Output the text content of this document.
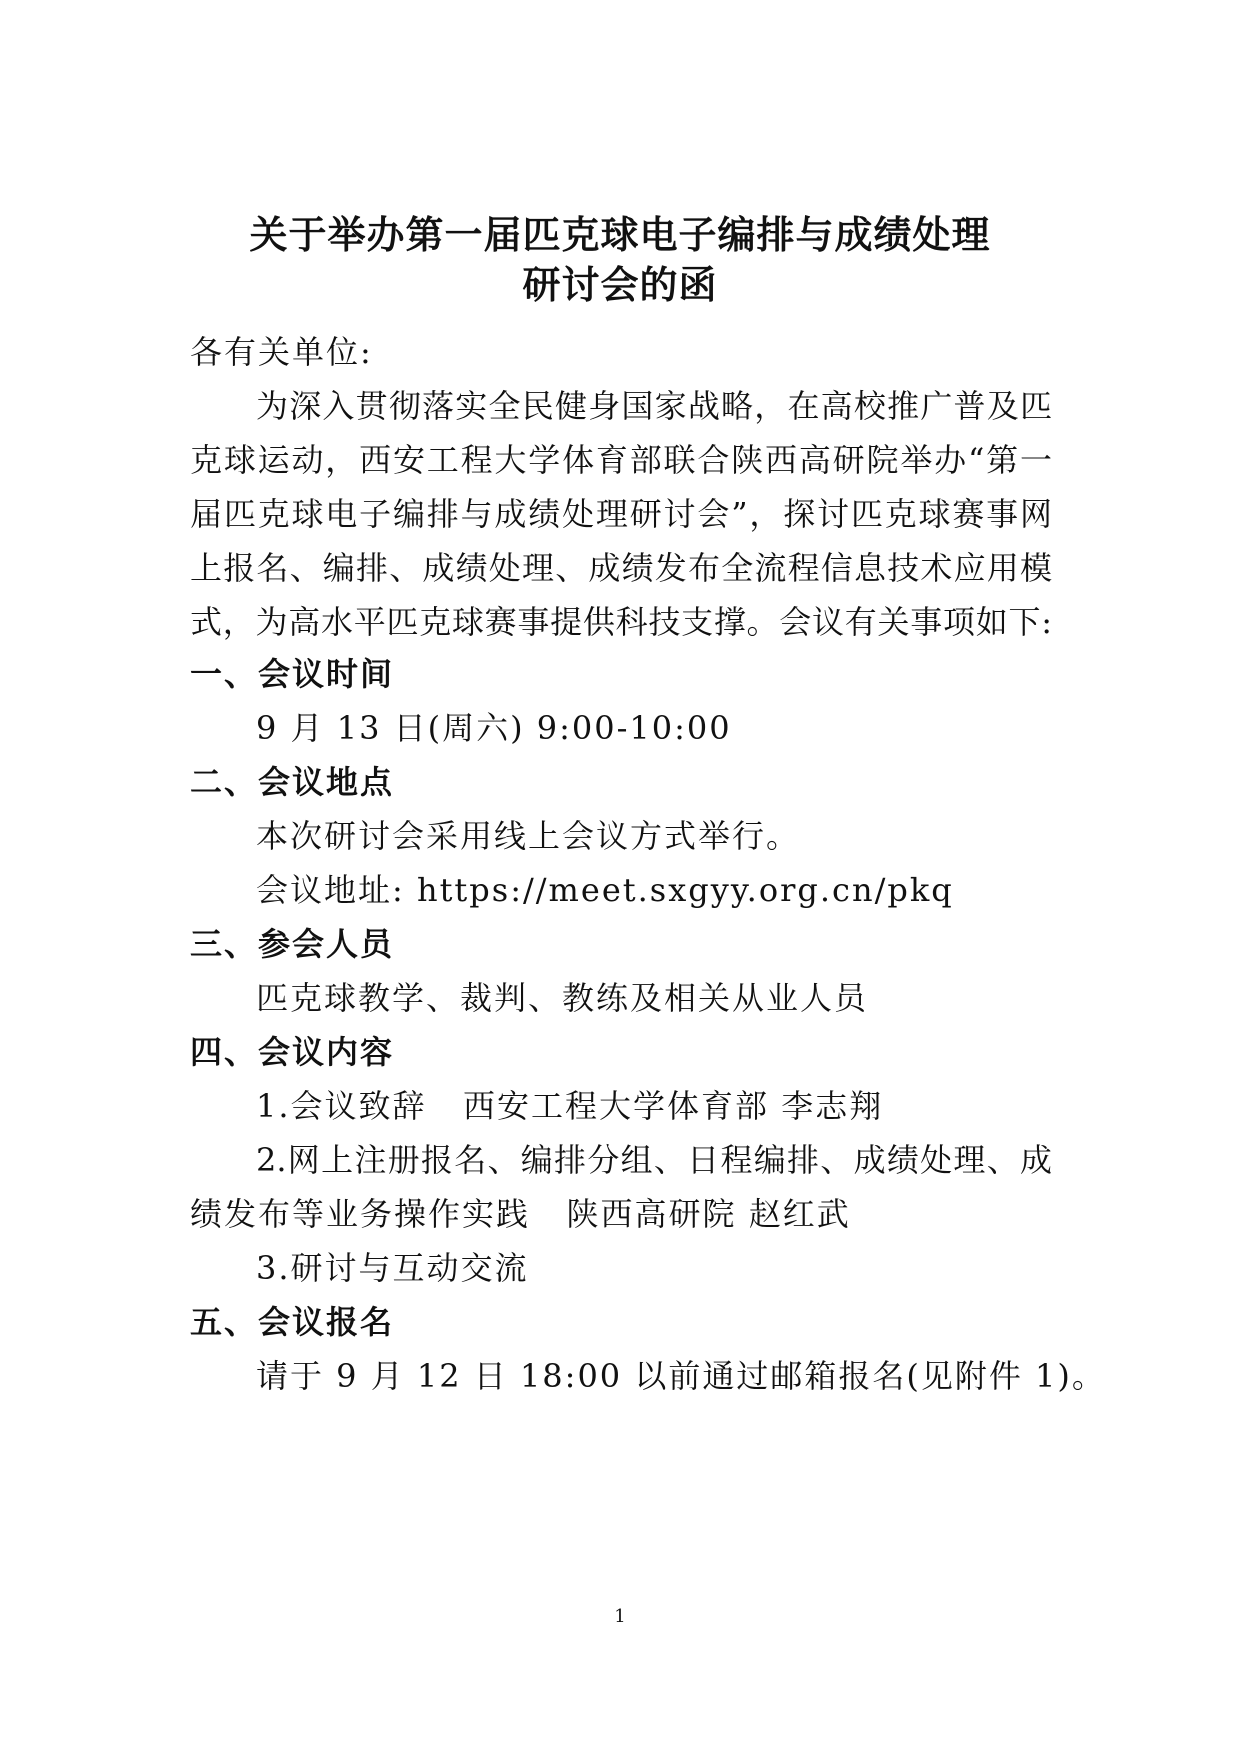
关于举办第一届匹克球电子编排与成绩处理
研讨会的函
各有关单位:
为深入贯彻落实全民健身国家战略，在高校推广普及匹
克球运动，西安工程大学体育部联合陕西高研院举办“第一
届匹克球电子编排与成绩处理研讨会”，探讨匹克球赛事网
上报名、编排、成绩处理、成绩发布全流程信息技术应用模
式，为高水平匹克球赛事提供科技支撑。会议有关事项如下:
一、会议时间
9 月 13 日(周六) 9:00-10:00
二、会议地点
本次研讨会采用线上会议方式举行。
会议地址: https://meet.sxgyy.org.cn/pkq
三、参会人员
匹克球教学、裁判、教练及相关从业人员
四、会议内容
1.会议致辞   西安工程大学体育部 李志翔
2.网上注册报名、编排分组、日程编排、成绩处理、成
绩发布等业务操作实践   陕西高研院 赵红武
3.研讨与互动交流
五、会议报名
请于 9 月 12 日 18:00 以前通过邮箱报名(见附件 1)。
1
